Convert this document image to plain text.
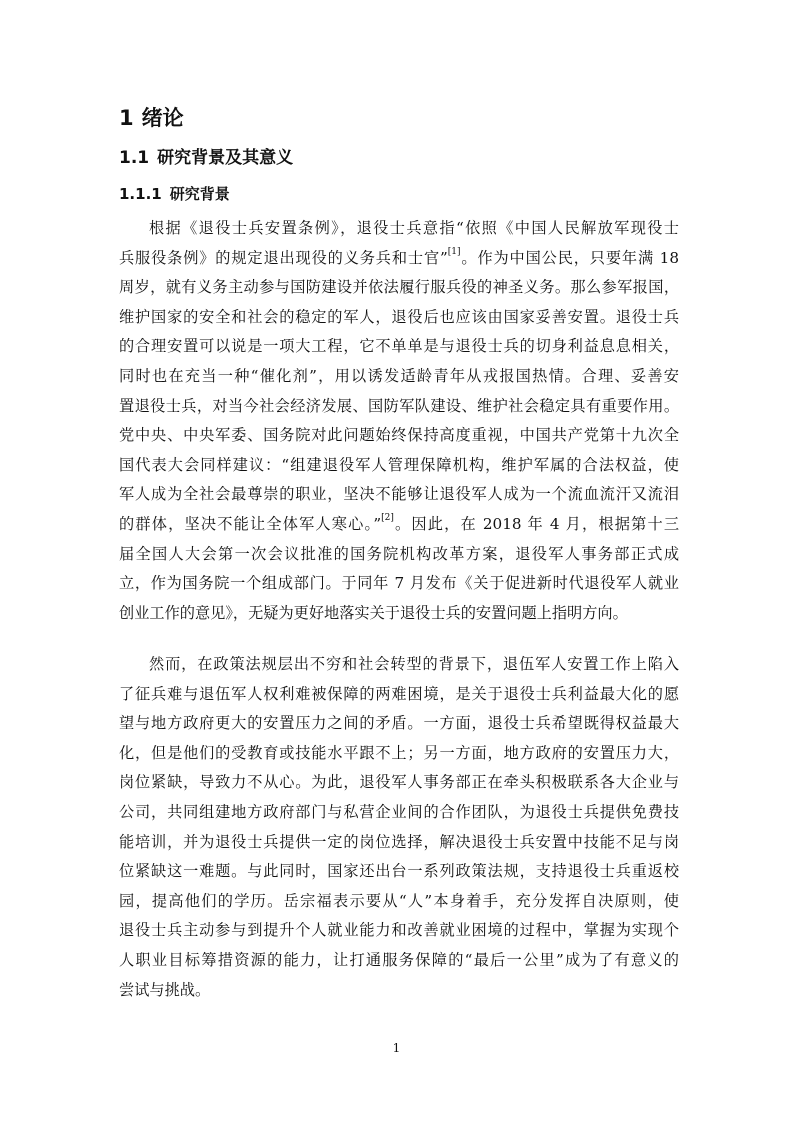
1 绪论
1.1 研究背景及其意义
1.1.1 研究背景
根据《退役士兵安置条例》，退役士兵意指“依照《中国人民解放军现役士
兵服役条例》的规定退出现役的义务兵和士官”[1]。作为中国公民，只要年满 18
周岁，就有义务主动参与国防建设并依法履行服兵役的神圣义务。那么参军报国，
维护国家的安全和社会的稳定的军人，退役后也应该由国家妥善安置。退役士兵
的合理安置可以说是一项大工程，它不单单是与退役士兵的切身利益息息相关，
同时也在充当一种“催化剂”，用以诱发适龄青年从戎报国热情。合理、妥善安
置退役士兵，对当今社会经济发展、国防军队建设、维护社会稳定具有重要作用。
党中央、中央军委、国务院对此问题始终保持高度重视，中国共产党第十九次全
国代表大会同样建议：“组建退役军人管理保障机构，维护军属的合法权益，使
军人成为全社会最尊崇的职业，坚决不能够让退役军人成为一个流血流汗又流泪
的群体，坚决不能让全体军人寒心。”[2]。因此，在 2018 年 4 月，根据第十三
届全国人大会第一次会议批准的国务院机构改革方案，退役军人事务部正式成
立，作为国务院一个组成部门。于同年 7 月发布《关于促进新时代退役军人就业
创业工作的意见》，无疑为更好地落实关于退役士兵的安置问题上指明方向。
然而，在政策法规层出不穷和社会转型的背景下，退伍军人安置工作上陷入
了征兵难与退伍军人权利难被保障的两难困境，是关于退役士兵利益最大化的愿
望与地方政府更大的安置压力之间的矛盾。一方面，退役士兵希望既得权益最大
化，但是他们的受教育或技能水平跟不上；另一方面，地方政府的安置压力大，
岗位紧缺，导致力不从心。为此，退役军人事务部正在牵头积极联系各大企业与
公司，共同组建地方政府部门与私营企业间的合作团队，为退役士兵提供免费技
能培训，并为退役士兵提供一定的岗位选择，解决退役士兵安置中技能不足与岗
位紧缺这一难题。与此同时，国家还出台一系列政策法规，支持退役士兵重返校
园，提高他们的学历。岳宗福表示要从“人”本身着手，充分发挥自决原则，使
退役士兵主动参与到提升个人就业能力和改善就业困境的过程中，掌握为实现个
人职业目标筹措资源的能力，让打通服务保障的“最后一公里”成为了有意义的
尝试与挑战。
1
